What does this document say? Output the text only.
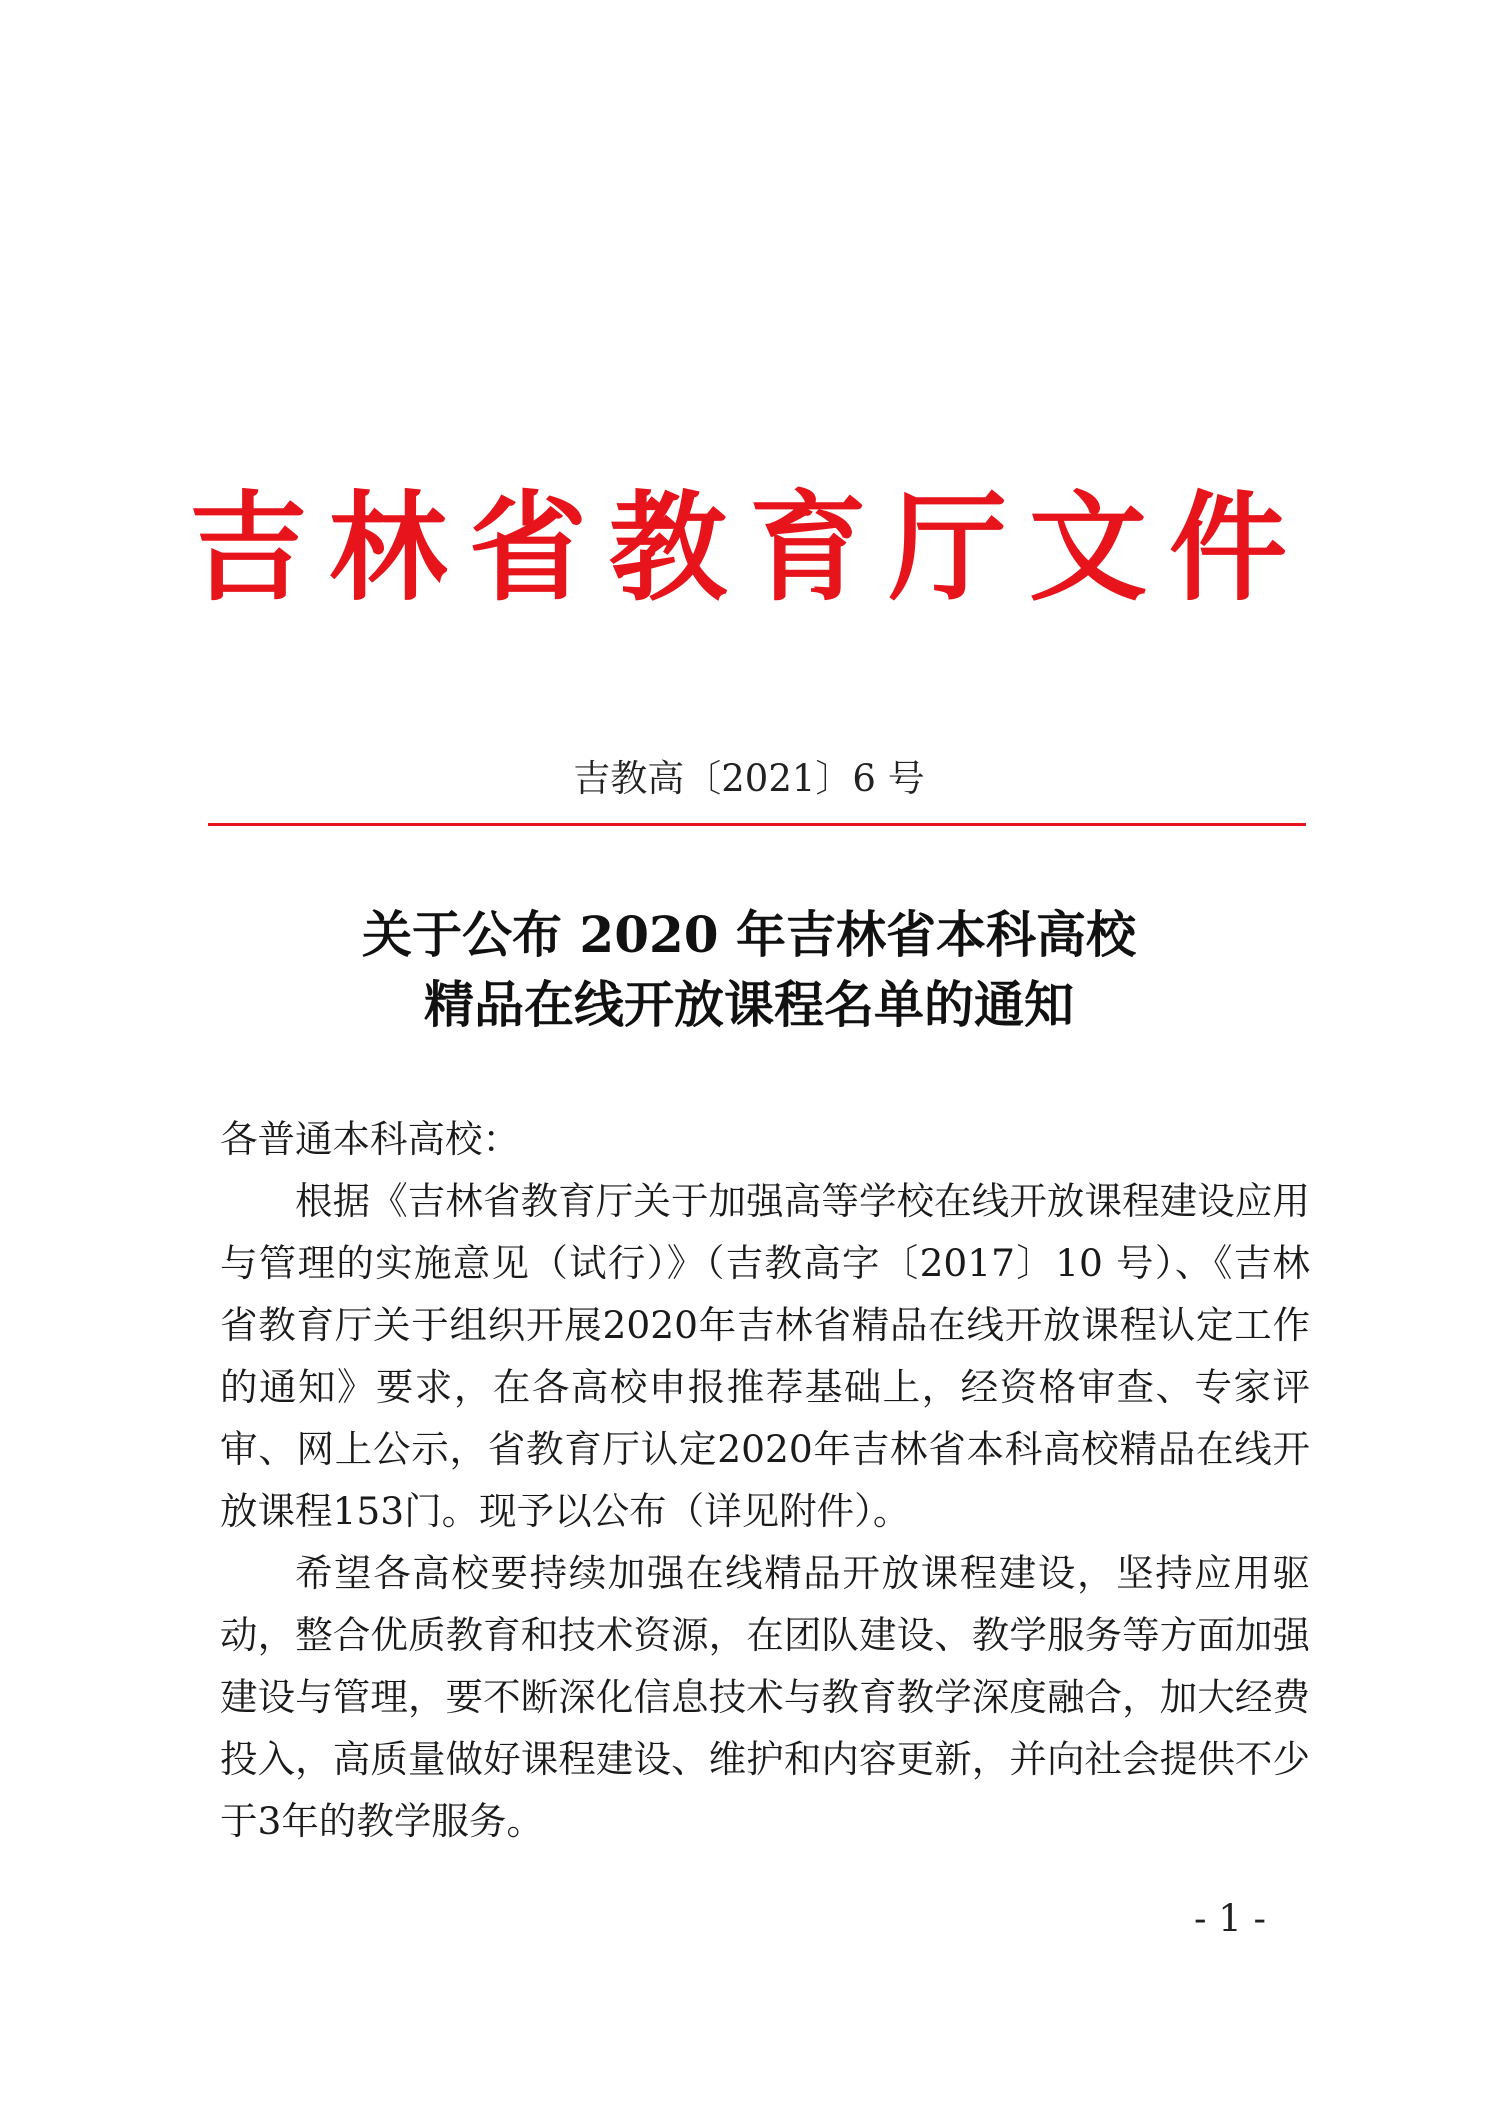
吉林省教育厅文件
吉教高〔2021〕6 号
关于公布 2020 年吉林省本科高校
精品在线开放课程名单的通知

各普通本科高校：

根据《吉林省教育厅关于加强高等学校在线开放课程建设应用与管理的实施意见（试行）》（吉教高字〔2017〕10 号）、《吉林省教育厅关于组织开展2020年吉林省精品在线开放课程认定工作的通知》要求，在各高校申报推荐基础上，经资格审查、专家评审、网上公示，省教育厅认定2020年吉林省本科高校精品在线开放课程153门。现予以公布（详见附件）。

希望各高校要持续加强在线精品开放课程建设，坚持应用驱动，整合优质教育和技术资源，在团队建设、教学服务等方面加强建设与管理，要不断深化信息技术与教育教学深度融合，加大经费投入，高质量做好课程建设、维护和内容更新，并向社会提供不少于3年的教学服务。

- 1 -
